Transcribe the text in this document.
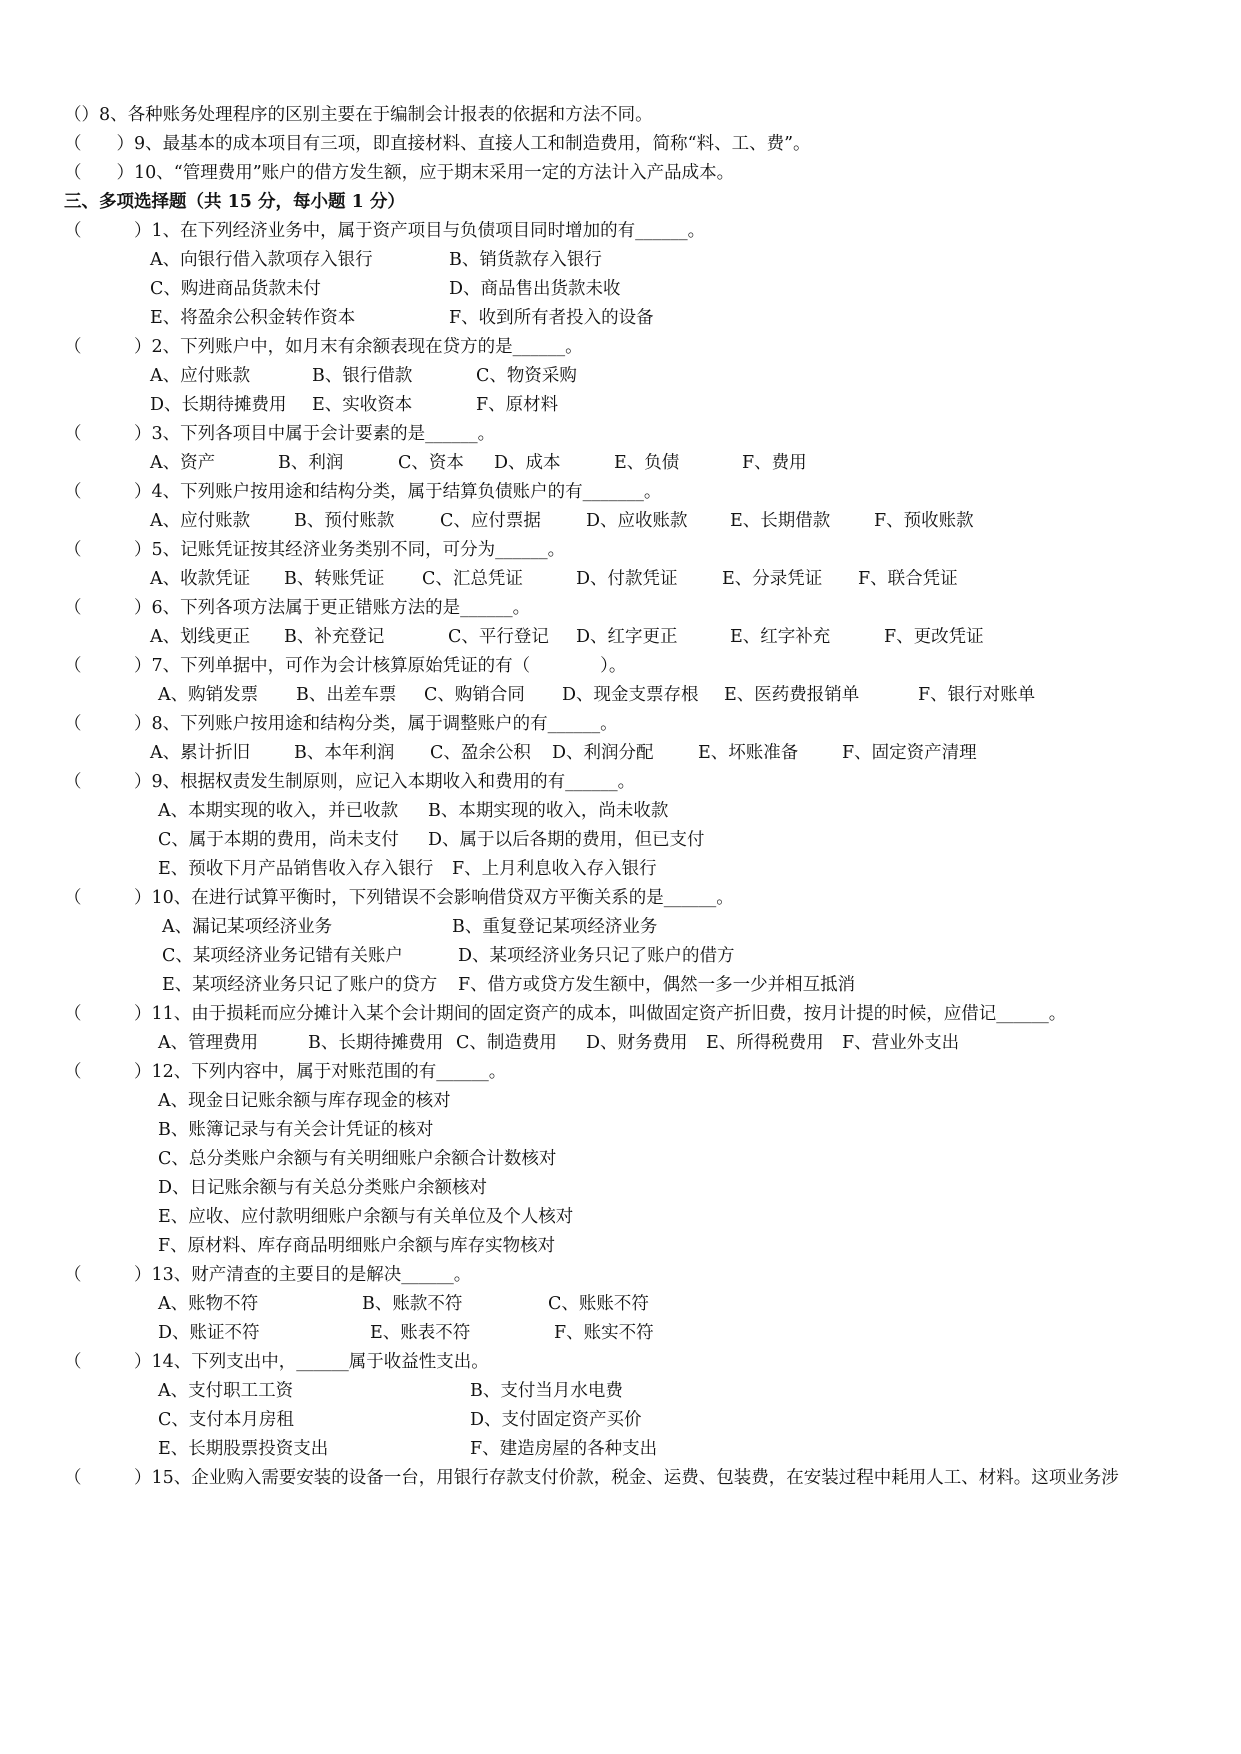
（）8、各种账务处理程序的区别主要在于编制会计报表的依据和方法不同。
（　　）9、最基本的成本项目有三项，即直接材料、直接人工和制造费用，简称“料、工、费”。
（　　）10、“管理费用”账户的借方发生额，应于期末采用一定的方法计入产品成本。
三、多项选择题（共 15 分，每小题 1 分）
（　　　）1、在下列经济业务中，属于资产项目与负债项目同时增加的有______。
A、向银行借入款项存入银行	B、销货款存入银行
C、购进商品货款未付	D、商品售出货款未收
E、将盈余公积金转作资本	F、收到所有者投入的设备
（　　　）2、下列账户中，如月末有余额表现在贷方的是______。
A、应付账款	B、银行借款	C、物资采购
D、长期待摊费用 E、实收资本	F、原材料
（　　　）3、下列各项目中属于会计要素的是______。
A、资产	B、利润	C、资本 D、成本	E、负债	F、费用
（　　　）4、下列账户按用途和结构分类，属于结算负债账户的有_______。
A、应付账款	B、预付账款	C、应付票据	D、应收账款 E、长期借款 F、预收账款
（　　　）5、记账凭证按其经济业务类别不同，可分为______。
A、收款凭证 B、转账凭证 C、汇总凭证	D、付款凭证	E、分录凭证 F、联合凭证
（　　　）6、下列各项方法属于更正错账方法的是______。
A、划线更正 B、补充登记	C、平行登记 D、红字更正	E、红字补充	F、更改凭证
（　　　）7、下列单据中，可作为会计核算原始凭证的有（　　　　）。
A、购销发票 B、出差车票 C、购销合同 D、现金支票存根 E、医药费报销单	F、银行对账单
（　　　）8、下列账户按用途和结构分类，属于调整账户的有______。
A、累计折旧	B、本年利润 C、盈余公积 D、利润分配	E、坏账准备 F、固定资产清理
（　　　）9、根据权责发生制原则，应记入本期收入和费用的有______。
A、本期实现的收入，并已收款 B、本期实现的收入，尚未收款
C、属于本期的费用，尚未支付 D、属于以后各期的费用，但已支付
E、预收下月产品销售收入存入银行 F、上月利息收入存入银行
（　　　）10、在进行试算平衡时，下列错误不会影响借贷双方平衡关系的是______。
A、漏记某项经济业务	B、重复登记某项经济业务
C、某项经济业务记错有关账户	D、某项经济业务只记了账户的借方
E、某项经济业务只记了账户的贷方 F、借方或贷方发生额中，偶然一多一少并相互抵消
（　　　）11、由于损耗而应分摊计入某个会计期间的固定资产的成本，叫做固定资产折旧费，按月计提的时候，应借记______。
A、管理费用	B、长期待摊费用 C、制造费用 D、财务费用 E、所得税费用 F、营业外支出
（　　　）12、下列内容中，属于对账范围的有______。
A、现金日记账余额与库存现金的核对
B、账簿记录与有关会计凭证的核对
C、总分类账户余额与有关明细账户余额合计数核对
D、日记账余额与有关总分类账户余额核对
E、应收、应付款明细账户余额与有关单位及个人核对
F、原材料、库存商品明细账户余额与库存实物核对
（　　　）13、财产清查的主要目的是解决______。
A、账物不符	B、账款不符	C、账账不符
D、账证不符	E、账表不符	F、账实不符
（　　　）14、下列支出中，______属于收益性支出。
A、支付职工工资	B、支付当月水电费
C、支付本月房租	D、支付固定资产买价
E、长期股票投资支出	F、建造房屋的各种支出
（　　　）15、企业购入需要安装的设备一台，用银行存款支付价款，税金、运费、包装费，在安装过程中耗用人工、材料。这项业务涉
